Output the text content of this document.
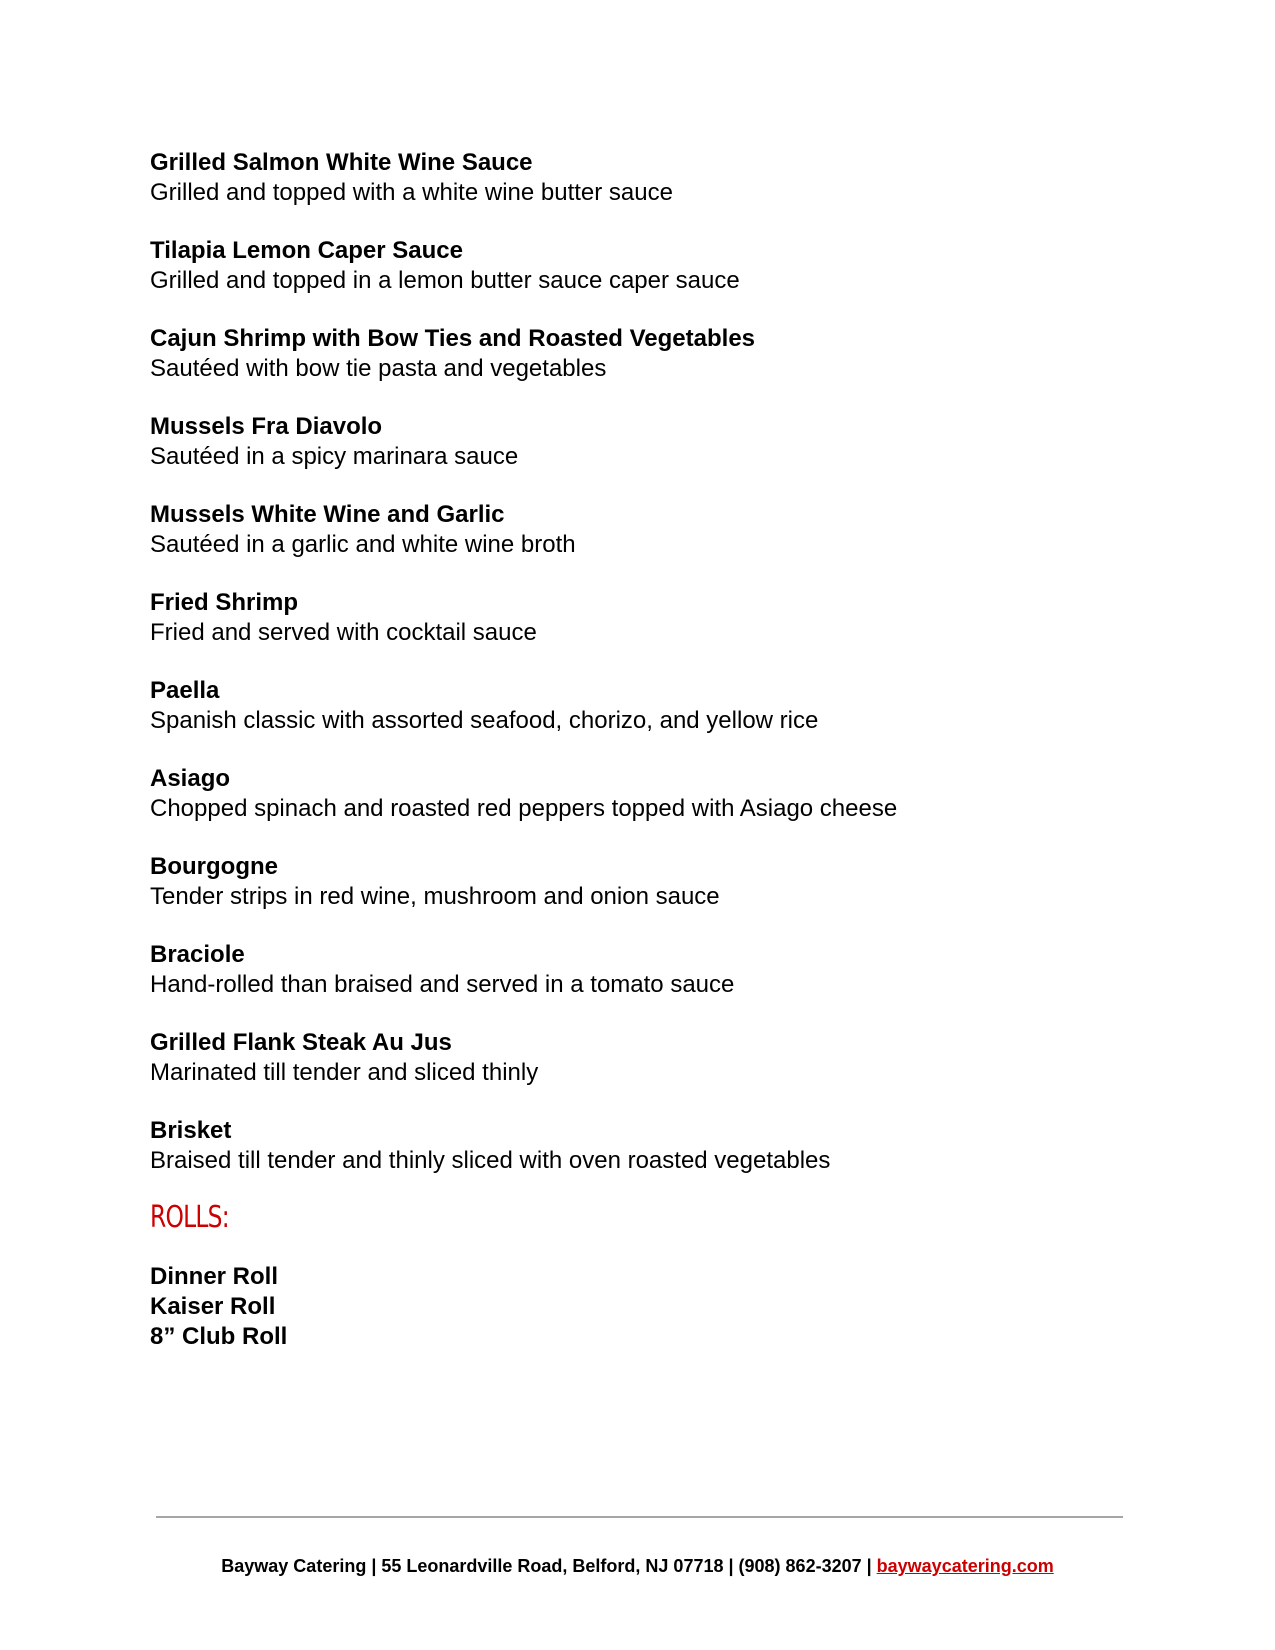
Grilled Salmon White Wine Sauce
Grilled and topped with a white wine butter sauce
Tilapia Lemon Caper Sauce
Grilled and topped in a lemon butter sauce caper sauce
Cajun Shrimp with Bow Ties and Roasted Vegetables
Sautéed with bow tie pasta and vegetables
Mussels Fra Diavolo
Sautéed in a spicy marinara sauce
Mussels White Wine and Garlic
Sautéed in a garlic and white wine broth
Fried Shrimp
Fried and served with cocktail sauce
Paella
Spanish classic with assorted seafood, chorizo, and yellow rice
Asiago
Chopped spinach and roasted red peppers topped with Asiago cheese
Bourgogne
Tender strips in red wine, mushroom and onion sauce
Braciole
Hand-rolled than braised and served in a tomato sauce
Grilled Flank Steak Au Jus
Marinated till tender and sliced thinly
Brisket
Braised till tender and thinly sliced with oven roasted vegetables
ROLLS:
Dinner Roll
Kaiser Roll
8” Club Roll
Bayway Catering | 55 Leonardville Road, Belford, NJ 07718 | (908) 862-3207 | baywaycatering.com
